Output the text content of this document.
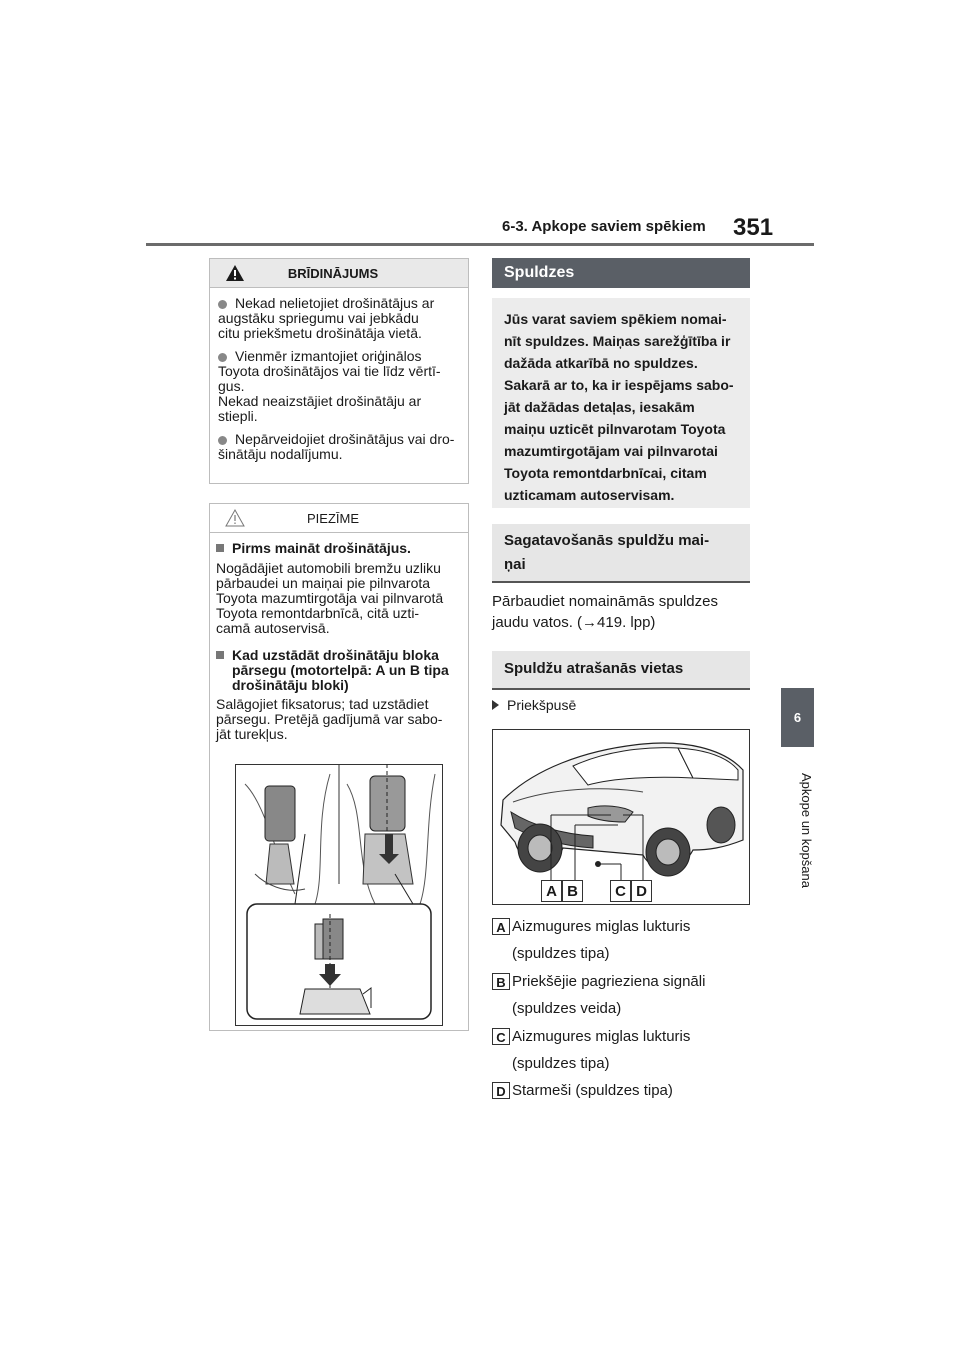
6-3. Apkope saviem spēkiem 351
6
Apkope un kopšana
BRĪDINĀJUMS

Nekad nelietojiet drošinātājus ar
augstāku spriegumu vai jebkādu
citu priekšmetu drošinātāja vietā.

Vienmēr izmantojiet oriģinālos
Toyota drošinātājos vai tie līdz vērtī-
gus.
Nekad neaizstājiet drošinātāju ar
stiepli.

Nepārveidojiet drošinātājus vai dro-
šinātāju nodalījumu.

PIEZĪME
Pirms maināt drošinātājus.
Nogādājiet automobili bremžu uzliku
pārbaudei un maiņai pie pilnvarota
Toyota mazumtirgotāja vai pilnvarotā
Toyota remontdarbnīcā, citā uzti-
camā autoservisā.
Kad uzstādāt drošinātāju bloka
pārsegu (motortelpā: A un B tipa
drošinātāju bloki)
Salāgojiet fiksatorus; tad uzstādiet
pārsegu. Pretējā gadījumā var sabo-
jāt turekļus.
Spuldzes
Jūs varat saviem spēkiem nomai-
nīt spuldzes. Maiņas sarežģītība ir
dažāda atkarībā no spuldzes.
Sakarā ar to, ka ir iespējams sabo-
jāt dažādas detaļas, iesakām
maiņu uzticēt pilnvarotam Toyota
mazumtirgotājam vai pilnvarotai
Toyota remontdarbnīcai, citam
uzticamam autoservisam.
Sagatavošanās spuldžu mai-
ņai
Pārbaudiet nomaināmās spuldzes
jaudu vatos. (→419. lpp)
Spuldžu atrašanās vietas
Priekšpusē
A B	C D
A Aizmugures miglas lukturis
(spuldzes tipa)
B Priekšējie pagrieziena signāli
(spuldzes veida)
C Aizmugures miglas lukturis
(spuldzes tipa)
D Starmeši (spuldzes tipa)
